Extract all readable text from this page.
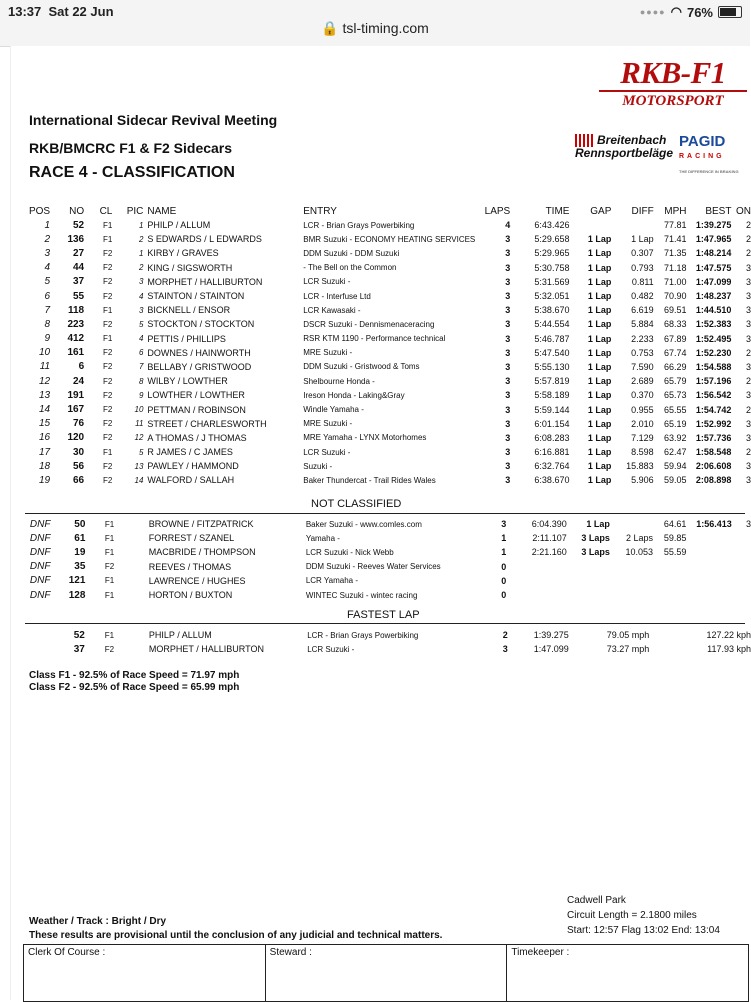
13:37 Sat 22 Jun	●●●● ◠ 76%
🔒 tsl-timing.com
RKB-F1
MOTORSPORT
Breitenbach
Rennsportbeläge
PAGID
RACING
THE DIFFERENCE IN BRAKING
International Sidecar Revival Meeting
RKB/BMCRC F1 & F2 Sidecars
RACE 4 - CLASSIFICATION
POS	NO	CL	PIC	NAME	ENTRY	LAPS	TIME	GAP	DIFF	MPH	BEST	ON
1	52	F1	1	PHILP / ALLUM	LCR - Brian Grays Powerbiking	4	6:43.426			77.81	1:39.275	2
2	136	F1	2	S EDWARDS / L EDWARDS	BMR Suzuki - ECONOMY HEATING SERVICES	3	5:29.658	1 Lap	1 Lap	71.41	1:47.965	2
3	27	F2	1	KIRBY / GRAVES	DDM Suzuki - DDM Suzuki	3	5:29.965	1 Lap	0.307	71.35	1:48.214	2
4	44	F2	2	KING / SIGSWORTH	- The Bell on the Common	3	5:30.758	1 Lap	0.793	71.18	1:47.575	3
5	37	F2	3	MORPHET / HALLIBURTON	LCR Suzuki -	3	5:31.569	1 Lap	0.811	71.00	1:47.099	3
6	55	F2	4	STAINTON / STAINTON	LCR - Interfuse Ltd	3	5:32.051	1 Lap	0.482	70.90	1:48.237	3
7	118	F1	3	BICKNELL / ENSOR	LCR Kawasaki -	3	5:38.670	1 Lap	6.619	69.51	1:44.510	3
8	223	F2	5	STOCKTON / STOCKTON	DSCR Suzuki - Dennismenaceracing	3	5:44.554	1 Lap	5.884	68.33	1:52.383	3
9	412	F1	4	PETTIS / PHILLIPS	RSR KTM 1190 - Performance technical	3	5:46.787	1 Lap	2.233	67.89	1:52.495	3
10	161	F2	6	DOWNES / HAINWORTH	MRE Suzuki -	3	5:47.540	1 Lap	0.753	67.74	1:52.230	2
11	6	F2	7	BELLABY / GRISTWOOD	DDM Suzuki - Gristwood & Toms	3	5:55.130	1 Lap	7.590	66.29	1:54.588	3
12	24	F2	8	WILBY / LOWTHER	Shelbourne Honda -	3	5:57.819	1 Lap	2.689	65.79	1:57.196	2
13	191	F2	9	LOWTHER / LOWTHER	Ireson Honda - Laking&Gray	3	5:58.189	1 Lap	0.370	65.73	1:56.542	3
14	167	F2	10	PETTMAN / ROBINSON	Windle Yamaha -	3	5:59.144	1 Lap	0.955	65.55	1:54.742	2
15	76	F2	11	STREET / CHARLESWORTH	MRE Suzuki -	3	6:01.154	1 Lap	2.010	65.19	1:52.992	3
16	120	F2	12	A THOMAS / J THOMAS	MRE Yamaha - LYNX Motorhomes	3	6:08.283	1 Lap	7.129	63.92	1:57.736	3
17	30	F1	5	R JAMES / C JAMES	LCR Suzuki -	3	6:16.881	1 Lap	8.598	62.47	1:58.548	2
18	56	F2	13	PAWLEY / HAMMOND	Suzuki -	3	6:32.764	1 Lap	15.883	59.94	2:06.608	3
19	66	F2	14	WALFORD / SALLAH	Baker Thundercat - Trail Rides Wales	3	6:38.670	1 Lap	5.906	59.05	2:08.898	3
NOT CLASSIFIED
DNF	50	F1		BROWNE / FITZPATRICK	Baker Suzuki - www.comles.com	3	6:04.390	1 Lap		64.61	1:56.413	3
DNF	61	F1		FORREST / SZANEL	Yamaha -	1	2:11.107	3 Laps	2 Laps	59.85		
DNF	19	F1		MACBRIDE / THOMPSON	LCR Suzuki - Nick Webb	1	2:21.160	3 Laps	10.053	55.59		
DNF	35	F2		REEVES / THOMAS	DDM Suzuki - Reeves Water Services	0						
DNF	121	F1		LAWRENCE / HUGHES	LCR Yamaha -	0						
DNF	128	F1		HORTON / BUXTON	WINTEC Suzuki - wintec racing	0						
FASTEST LAP
52	F1		PHILP / ALLUM	LCR - Brian Grays Powerbiking	2	1:39.275	79.05 mph	127.22 kph
37	F2		MORPHET / HALLIBURTON	LCR Suzuki -	3	1:47.099	73.27 mph	117.93 kph
Class F1 - 92.5% of Race Speed = 71.97 mph
Class F2 - 92.5% of Race Speed = 65.99 mph
Cadwell Park
Circuit Length = 2.1800 miles
Start: 12:57 Flag 13:02 End: 13:04
Weather / Track : Bright / Dry
These results are provisional until the conclusion of any judicial and technical matters.
Clerk Of Course :	Steward :	Timekeeper :
